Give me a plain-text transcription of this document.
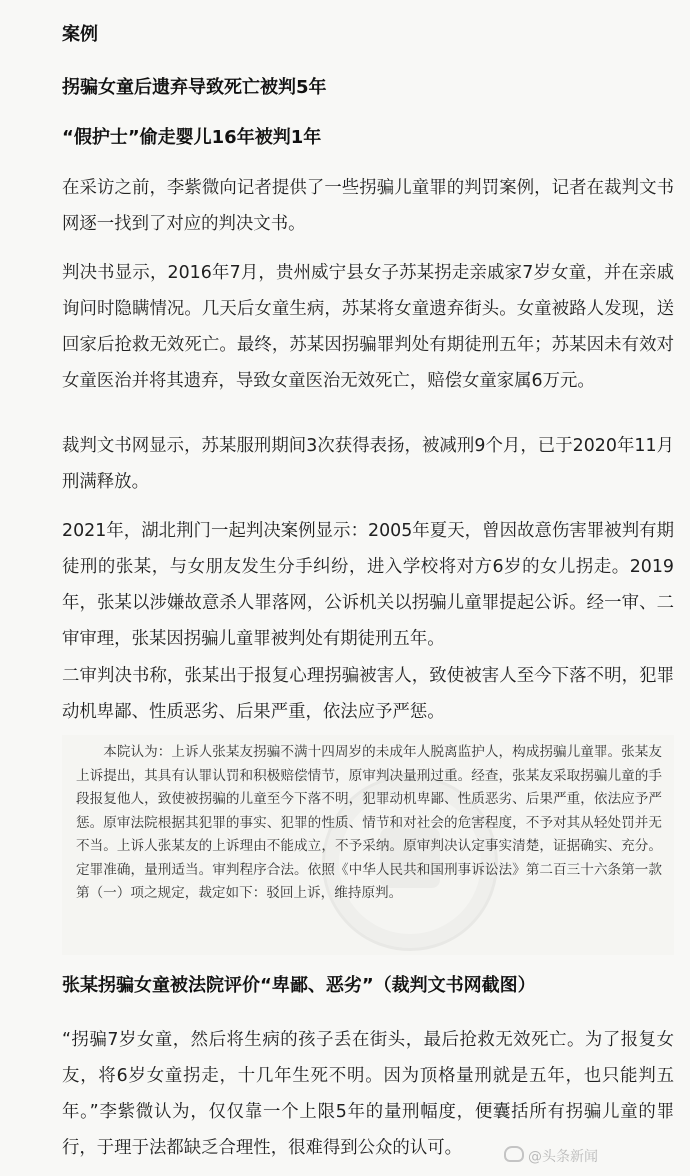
案例
拐骗女童后遗弃导致死亡被判5年
“假护士”偷走婴儿16年被判1年
在采访之前，李紫微向记者提供了一些拐骗儿童罪的判罚案例，记者在裁判文书网逐一找到了对应的判决文书。
判决书显示，2016年7月，贵州威宁县女子苏某拐走亲戚家7岁女童，并在亲戚询问时隐瞒情况。几天后女童生病，苏某将女童遗弃街头。女童被路人发现，送回家后抢救无效死亡。最终，苏某因拐骗罪判处有期徒刑五年；苏某因未有效对女童医治并将其遗弃，导致女童医治无效死亡，赔偿女童家属6万元。
裁判文书网显示，苏某服刑期间3次获得表扬，被减刑9个月，已于2020年11月刑满释放。
2021年，湖北荆门一起判决案例显示：2005年夏天，曾因故意伤害罪被判有期徒刑的张某，与女朋友发生分手纠纷，进入学校将对方6岁的女儿拐走。2019年，张某以涉嫌故意杀人罪落网，公诉机关以拐骗儿童罪提起公诉。经一审、二审审理，张某因拐骗儿童罪被判处有期徒刑五年。
二审判决书称，张某出于报复心理拐骗被害人，致使被害人至今下落不明，犯罪动机卑鄙、性质恶劣、后果严重，依法应予严惩。
本院认为：上诉人张某友拐骗不满十四周岁的未成年人脱离监护人，构成拐骗儿童罪。张某友上诉提出，其具有认罪认罚和积极赔偿情节，原审判决量刑过重。经查，张某友采取拐骗儿童的手段报复他人，致使被拐骗的儿童至今下落不明，犯罪动机卑鄙、性质恶劣、后果严重，依法应予严惩。原审法院根据其犯罪的事实、犯罪的性质、情节和对社会的危害程度，不予对其从轻处罚并无不当。上诉人张某友的上诉理由不能成立，不予采纳。原审判决认定事实清楚，证据确实、充分。定罪准确，量刑适当。审判程序合法。依照《中华人民共和国刑事诉讼法》第二百三十六条第一款第（一）项之规定，裁定如下：驳回上诉，维持原判。
张某拐骗女童被法院评价“卑鄙、恶劣”（裁判文书网截图）
“拐骗7岁女童，然后将生病的孩子丢在街头，最后抢救无效死亡。为了报复女友，将6岁女童拐走，十几年生死不明。因为顶格量刑就是五年，也只能判五年。”李紫微认为，仅仅靠一个上限5年的量刑幅度，便囊括所有拐骗儿童的罪行，于理于法都缺乏合理性，很难得到公众的认可。	@头条新闻
